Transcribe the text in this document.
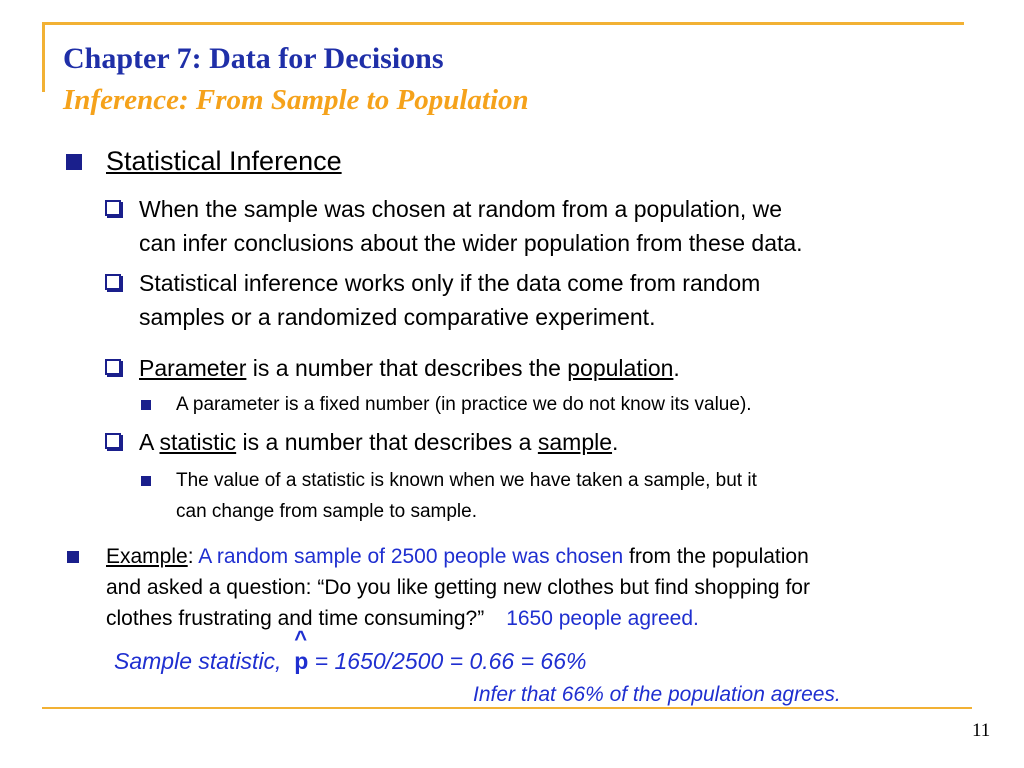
Chapter 7: Data for Decisions
Inference: From Sample to Population
Statistical Inference
When the sample was chosen at random from a population, we
can infer conclusions about the wider population from these data.
Statistical inference works only if the data come from random
samples or a randomized comparative experiment.
Parameter is a number that describes the population.
A parameter is a fixed number (in practice we do not know its value).
A statistic is a number that describes a sample.
The value of a statistic is known when we have taken a sample, but it
can change from sample to sample.
Example: A random sample of 2500 people was chosen from the population
and asked a question: “Do you like getting new clothes but find shopping for
clothes frustrating and time consuming?” 1650 people agreed.
Sample statistic,
^
p = 1650/2500 = 0.66 = 66%
Infer that 66% of the population agrees.
11
